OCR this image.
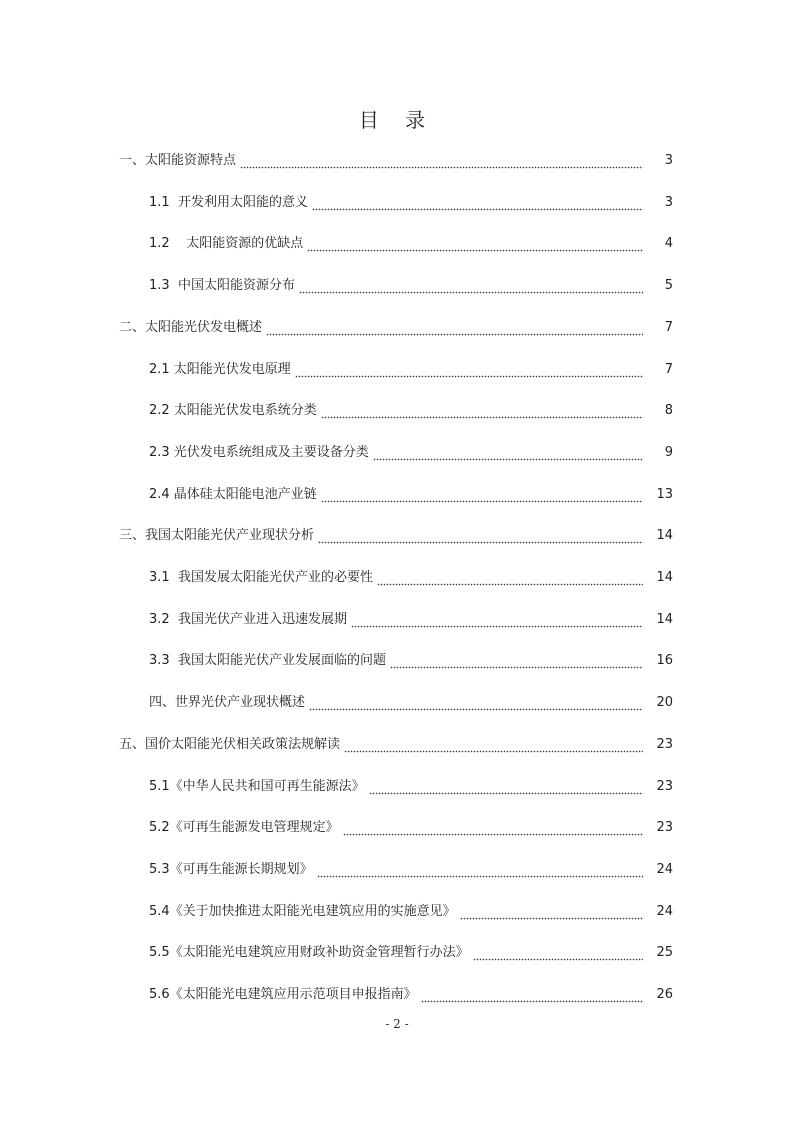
目 录
一、太阳能资源特点	3
1.1  开发利用太阳能的意义	3
1.2    太阳能资源的优缺点	4
1.3  中国太阳能资源分布	5
二、太阳能光伏发电概述	7
2.1 太阳能光伏发电原理	7
2.2 太阳能光伏发电系统分类	8
2.3 光伏发电系统组成及主要设备分类	9
2.4 晶体硅太阳能电池产业链	13
三、我国太阳能光伏产业现状分析	14
3.1  我国发展太阳能光伏产业的必要性	14
3.2  我国光伏产业进入迅速发展期	14
3.3  我国太阳能光伏产业发展面临的问题	16
四、世界光伏产业现状概述	20
五、国价太阳能光伏相关政策法规解读	23
5.1《中华人民共和国可再生能源法》	23
5.2《可再生能源发电管理规定》	23
5.3《可再生能源长期规划》	24
5.4《关于加快推进太阳能光电建筑应用的实施意见》	24
5.5《太阳能光电建筑应用财政补助资金管理暂行办法》	25
5.6《太阳能光电建筑应用示范项目申报指南》	26
- 2 -
